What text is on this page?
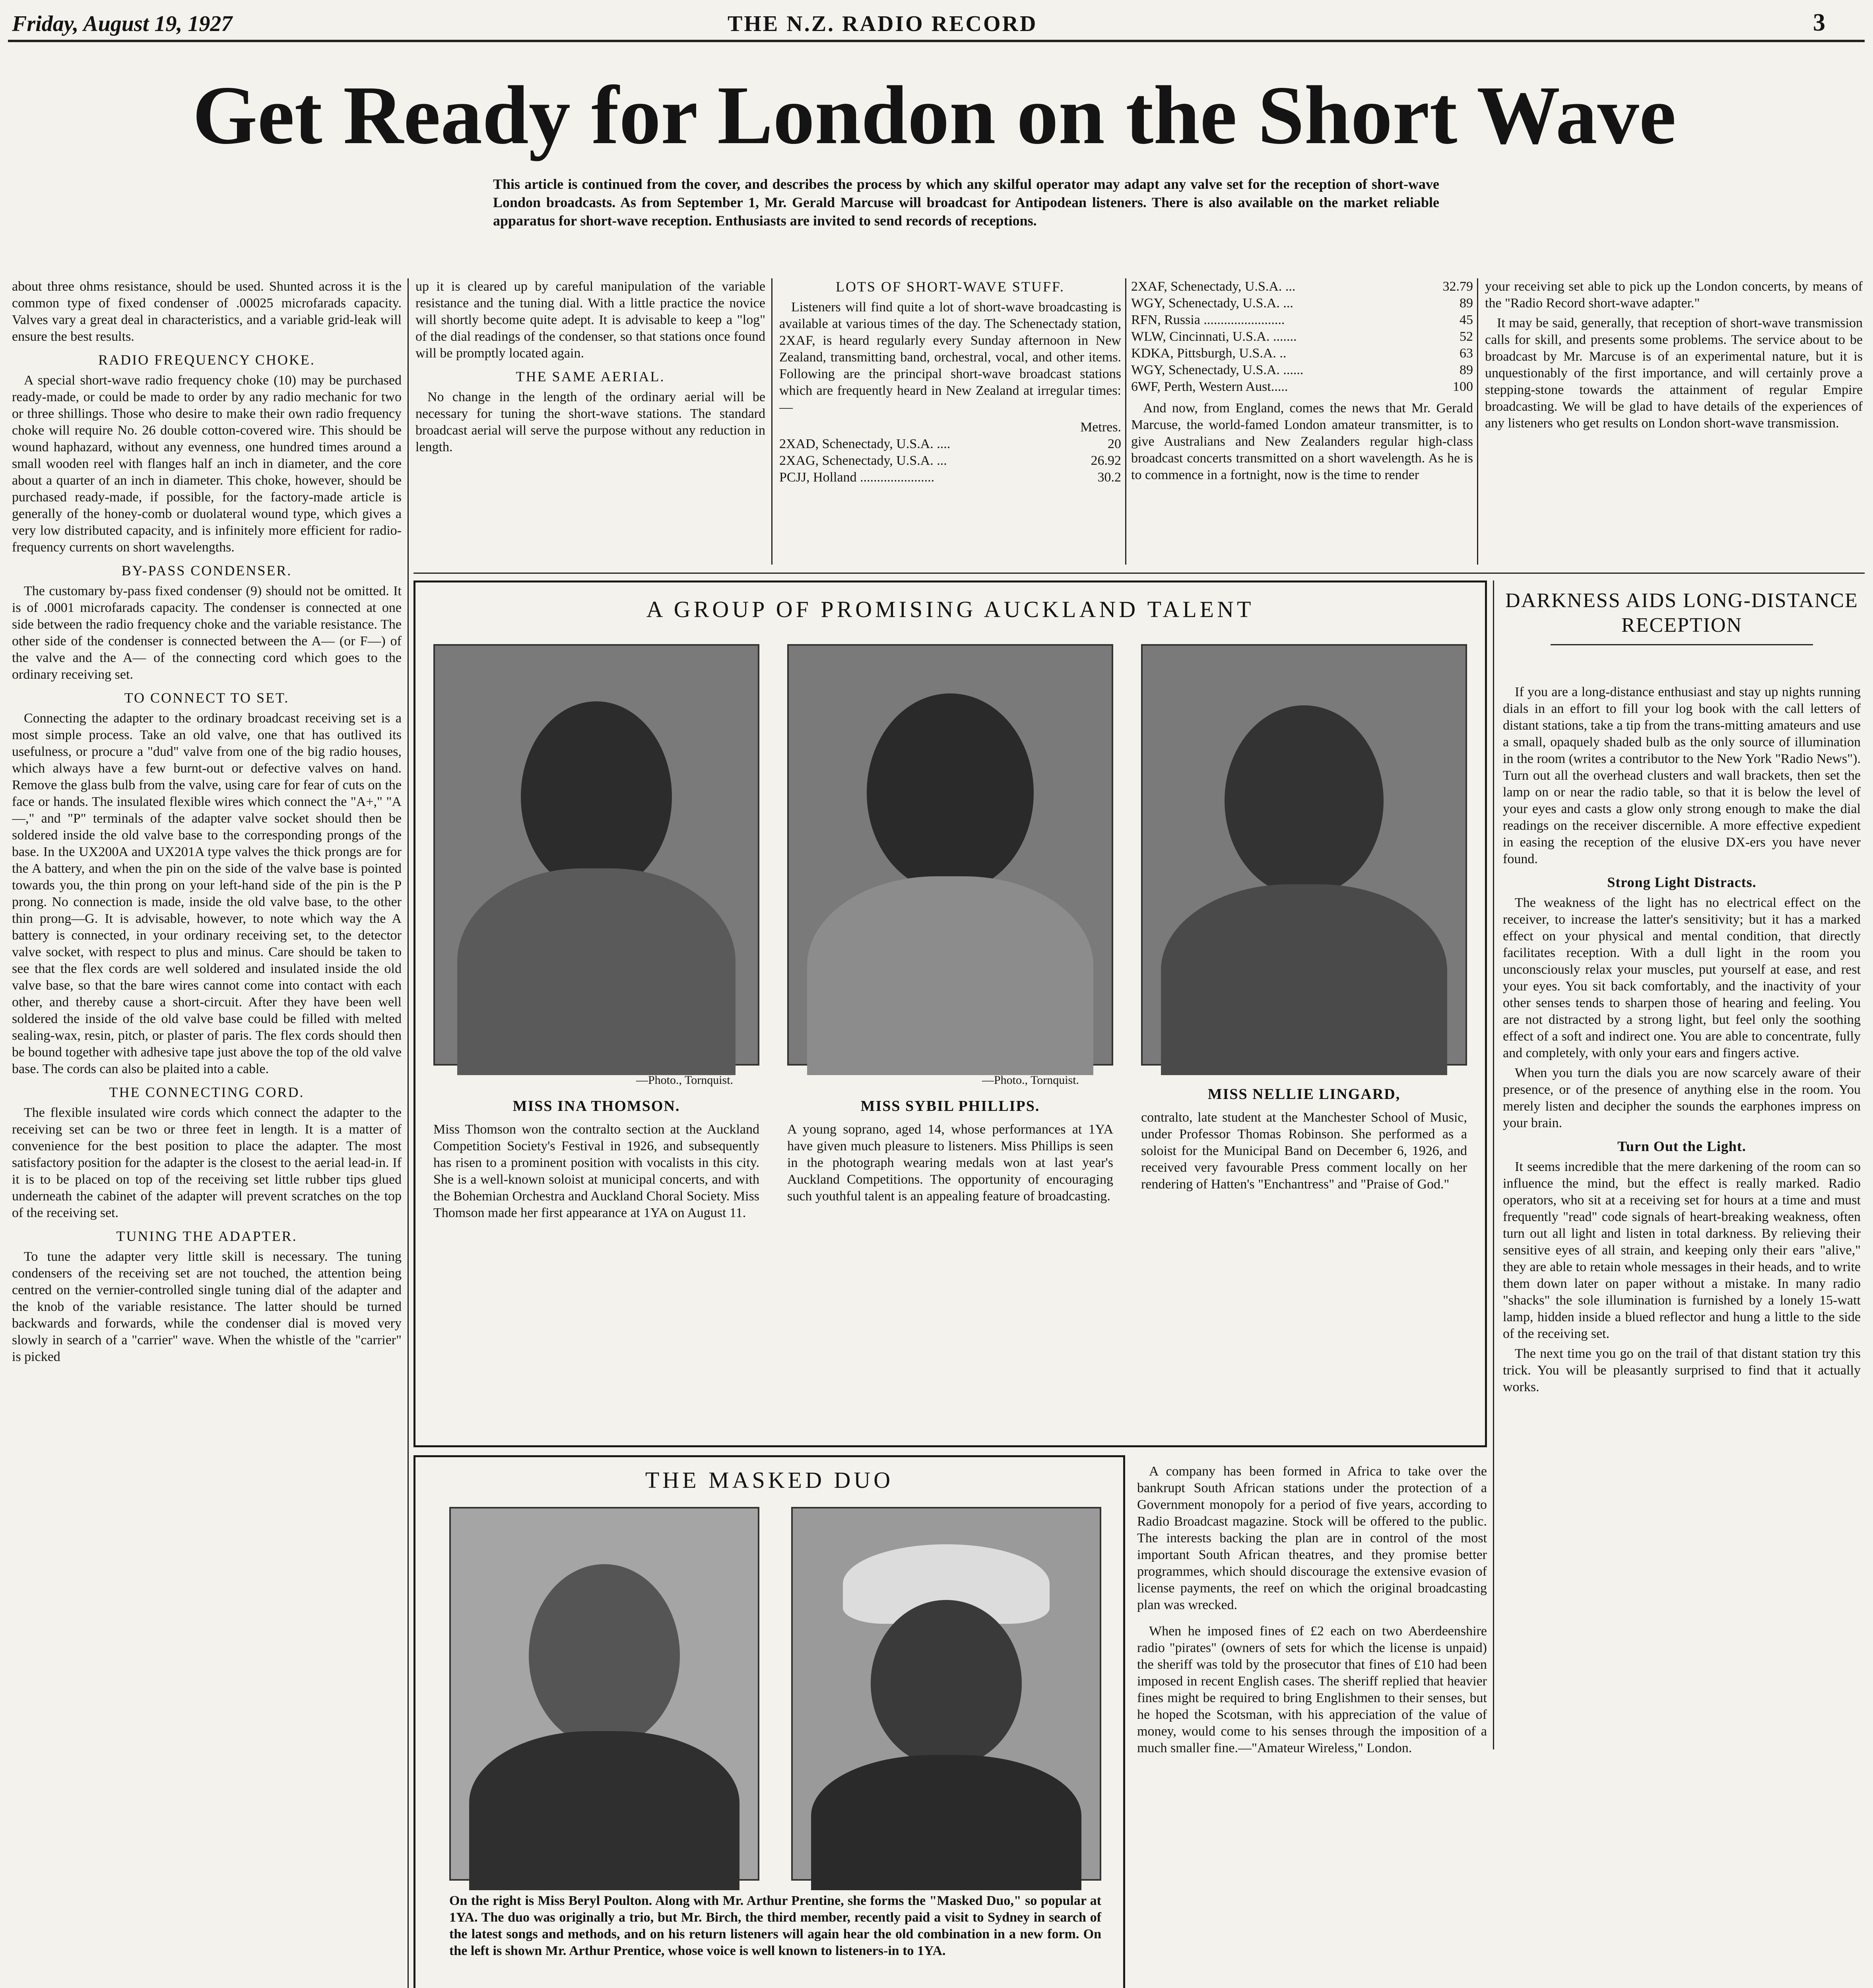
Friday, August 19, 1927	THE N.Z. RADIO RECORD	3
Get Ready for London on the Short Wave
This article is continued from the cover, and describes the process by which any skilful operator may adapt any valve set for the reception of short-wave London broadcasts. As from September 1, Mr. Gerald Marcuse will broadcast for Antipodean listeners. There is also available on the market reliable apparatus for short-wave reception. Enthusiasts are invited to send records of receptions.

about three ohms resistance, should be used. Shunted across it is the common type of fixed condenser of .00025 microfarads capacity. Valves vary a great deal in characteristics, and a variable grid-leak will ensure the best results.

RADIO FREQUENCY CHOKE.

A special short-wave radio frequency choke (10) may be purchased ready-made, or could be made to order by any radio mechanic for two or three shillings. Those who desire to make their own radio frequency choke will require No. 26 double cotton-covered wire. This should be wound haphazard, without any evenness, one hundred times around a small wooden reel with flanges half an inch in diameter, and the core about a quarter of an inch in diameter. This choke, however, should be purchased ready-made, if possible, for the factory-made article is generally of the honey-comb or duolateral wound type, which gives a very low distributed capacity, and is infinitely more efficient for radio-frequency currents on short wavelengths.

BY-PASS CONDENSER.

The customary by-pass fixed condenser (9) should not be omitted. It is of .0001 microfarads capacity. The condenser is connected at one side between the radio frequency choke and the variable resistance. The other side of the condenser is connected between the A— (or F—) of the valve and the A— of the connecting cord which goes to the ordinary receiving set.

TO CONNECT TO SET.

Connecting the adapter to the ordinary broadcast receiving set is a most simple process. Take an old valve, one that has outlived its usefulness, or procure a "dud" valve from one of the big radio houses, which always have a few burnt-out or defective valves on hand. Remove the glass bulb from the valve, using care for fear of cuts on the face or hands. The insulated flexible wires which connect the "A+," "A—," and "P" terminals of the adapter valve socket should then be soldered inside the old valve base to the corresponding prongs of the base. In the UX200A and UX201A type valves the thick prongs are for the A battery, and when the pin on the side of the valve base is pointed towards you, the thin prong on your left-hand side of the pin is the P prong. No connection is made, inside the old valve base, to the other thin prong—G. It is advisable, however, to note which way the A battery is connected, in your ordinary receiving set, to the detector valve socket, with respect to plus and minus. Care should be taken to see that the flex cords are well soldered and insulated inside the old valve base, so that the bare wires cannot come into contact with each other, and thereby cause a short-circuit. After they have been well soldered the inside of the old valve base could be filled with melted sealing-wax, resin, pitch, or plaster of paris. The flex cords should then be bound together with adhesive tape just above the top of the old valve base. The cords can also be plaited into a cable.

THE CONNECTING CORD.

The flexible insulated wire cords which connect the adapter to the receiving set can be two or three feet in length. It is a matter of convenience for the best position to place the adapter. The most satisfactory position for the adapter is the closest to the aerial lead-in. If it is to be placed on top of the receiving set little rubber tips glued underneath the cabinet of the adapter will prevent scratches on the top of the receiving set.

TUNING THE ADAPTER.

To tune the adapter very little skill is necessary. The tuning condensers of the receiving set are not touched, the attention being centred on the vernier-controlled single tuning dial of the adapter and the knob of the variable resistance. The latter should be turned backwards and forwards, while the condenser dial is moved very slowly in search of a "carrier" wave. When the whistle of the "carrier" is picked

up it is cleared up by careful manipulation of the variable resistance and the tuning dial. With a little practice the novice will shortly become quite adept. It is advisable to keep a "log" of the dial readings of the condenser, so that stations once found will be promptly located again.

THE SAME AERIAL.

No change in the length of the ordinary aerial will be necessary for tuning the short-wave stations. The standard broadcast aerial will serve the purpose without any reduction in length.

LOTS OF SHORT-WAVE STUFF.

Listeners will find quite a lot of short-wave broadcasting is available at various times of the day. The Schenectady station, 2XAF, is heard regularly every Sunday afternoon in New Zealand, transmitting band, orchestral, vocal, and other items. Following are the principal short-wave broadcast stations which are frequently heard in New Zealand at irregular times:—

Metres.
2XAD, Schenectady, U.S.A. ....	20
2XAG, Schenectady, U.S.A. ...	26.92
PCJJ, Holland ......................	30.2
2XAF, Schenectady, U.S.A. ...	32.79
WGY, Schenectady, U.S.A. ...	89
RFN, Russia ........................	45
WLW, Cincinnati, U.S.A. .......	52
KDKA, Pittsburgh, U.S.A. ..	63
WGY, Schenectady, U.S.A. ......	89
6WF, Perth, Western Aust.....	100

And now, from England, comes the news that Mr. Gerald Marcuse, the world-famed London amateur transmitter, is to give Australians and New Zealanders regular high-class broadcast concerts transmitted on a short wavelength. As he is to commence in a fortnight, now is the time to render

your receiving set able to pick up the London concerts, by means of the "Radio Record short-wave adapter."

It may be said, generally, that reception of short-wave transmission calls for skill, and presents some problems. The service about to be broadcast by Mr. Marcuse is of an experimental nature, but it is unquestionably of the first importance, and will certainly prove a stepping-stone towards the attainment of regular Empire broadcasting. We will be glad to have details of the experiences of any listeners who get results on London short-wave transmission.

A GROUP OF PROMISING AUCKLAND TALENT
—Photo., Tornquist.
MISS INA THOMSON.
Miss Thomson won the contralto section at the Auckland Competition Society's Festival in 1926, and subsequently has risen to a prominent position with vocalists in this city. She is a well-known soloist at municipal concerts, and with the Bohemian Orchestra and Auckland Choral Society. Miss Thomson made her first appearance at 1YA on August 11.
—Photo., Tornquist.
MISS SYBIL PHILLIPS.
A young soprano, aged 14, whose performances at 1YA have given much pleasure to listeners. Miss Phillips is seen in the photograph wearing medals won at last year's Auckland Competitions. The opportunity of encouraging such youthful talent is an appealing feature of broadcasting.
MISS NELLIE LINGARD,
contralto, late student at the Manchester School of Music, under Professor Thomas Robinson. She performed as a soloist for the Municipal Band on December 6, 1926, and received very favourable Press comment locally on her rendering of Hatten's "Enchantress" and "Praise of God."
DARKNESS AIDS LONG-DISTANCE RECEPTION

If you are a long-distance enthusiast and stay up nights running dials in an effort to fill your log book with the call letters of distant stations, take a tip from the trans-mitting amateurs and use a small, opaquely shaded bulb as the only source of illumination in the room (writes a contributor to the New York "Radio News"). Turn out all the overhead clusters and wall brackets, then set the lamp on or near the radio table, so that it is below the level of your eyes and casts a glow only strong enough to make the dial readings on the receiver discernible. A more effective expedient in easing the reception of the elusive DX-ers you have never found.

Strong Light Distracts.

The weakness of the light has no electrical effect on the receiver, to increase the latter's sensitivity; but it has a marked effect on your physical and mental condition, that directly facilitates reception. With a dull light in the room you unconsciously relax your muscles, put yourself at ease, and rest your eyes. You sit back comfortably, and the inactivity of your other senses tends to sharpen those of hearing and feeling. You are not distracted by a strong light, but feel only the soothing effect of a soft and indirect one. You are able to concentrate, fully and completely, with only your ears and fingers active.

When you turn the dials you are now scarcely aware of their presence, or of the presence of anything else in the room. You merely listen and decipher the sounds the earphones impress on your brain.

Turn Out the Light.

It seems incredible that the mere darkening of the room can so influence the mind, but the effect is really marked. Radio operators, who sit at a receiving set for hours at a time and must frequently "read" code signals of heart-breaking weakness, often turn out all light and listen in total darkness. By relieving their sensitive eyes of all strain, and keeping only their ears "alive," they are able to retain whole messages in their heads, and to write them down later on paper without a mistake. In many radio "shacks" the sole illumination is furnished by a lonely 15-watt lamp, hidden inside a blued reflector and hung a little to the side of the receiving set.

The next time you go on the trail of that distant station try this trick. You will be pleasantly surprised to find that it actually works.

THE MASKED DUO
On the right is Miss Beryl Poulton. Along with Mr. Arthur Prentine, she forms the "Masked Duo," so popular at 1YA. The duo was originally a trio, but Mr. Birch, the third member, recently paid a visit to Sydney in search of the latest songs and methods, and on his return listeners will again hear the old combination in a new form. On the left is shown Mr. Arthur Prentice, whose voice is well known to listeners-in to 1YA.

A company has been formed in Africa to take over the bankrupt South African stations under the protection of a Government monopoly for a period of five years, according to Radio Broadcast magazine. Stock will be offered to the public. The interests backing the plan are in control of the most important South African theatres, and they promise better programmes, which should discourage the extensive evasion of license payments, the reef on which the original broadcasting plan was wrecked.

When he imposed fines of £2 each on two Aberdeenshire radio "pirates" (owners of sets for which the license is unpaid) the sheriff was told by the prosecutor that fines of £10 had been imposed in recent English cases. The sheriff replied that heavier fines might be required to bring Englishmen to their senses, but he hoped the Scotsman, with his appreciation of the value of money, would come to his senses through the imposition of a much smaller fine.—"Amateur Wireless," London.
